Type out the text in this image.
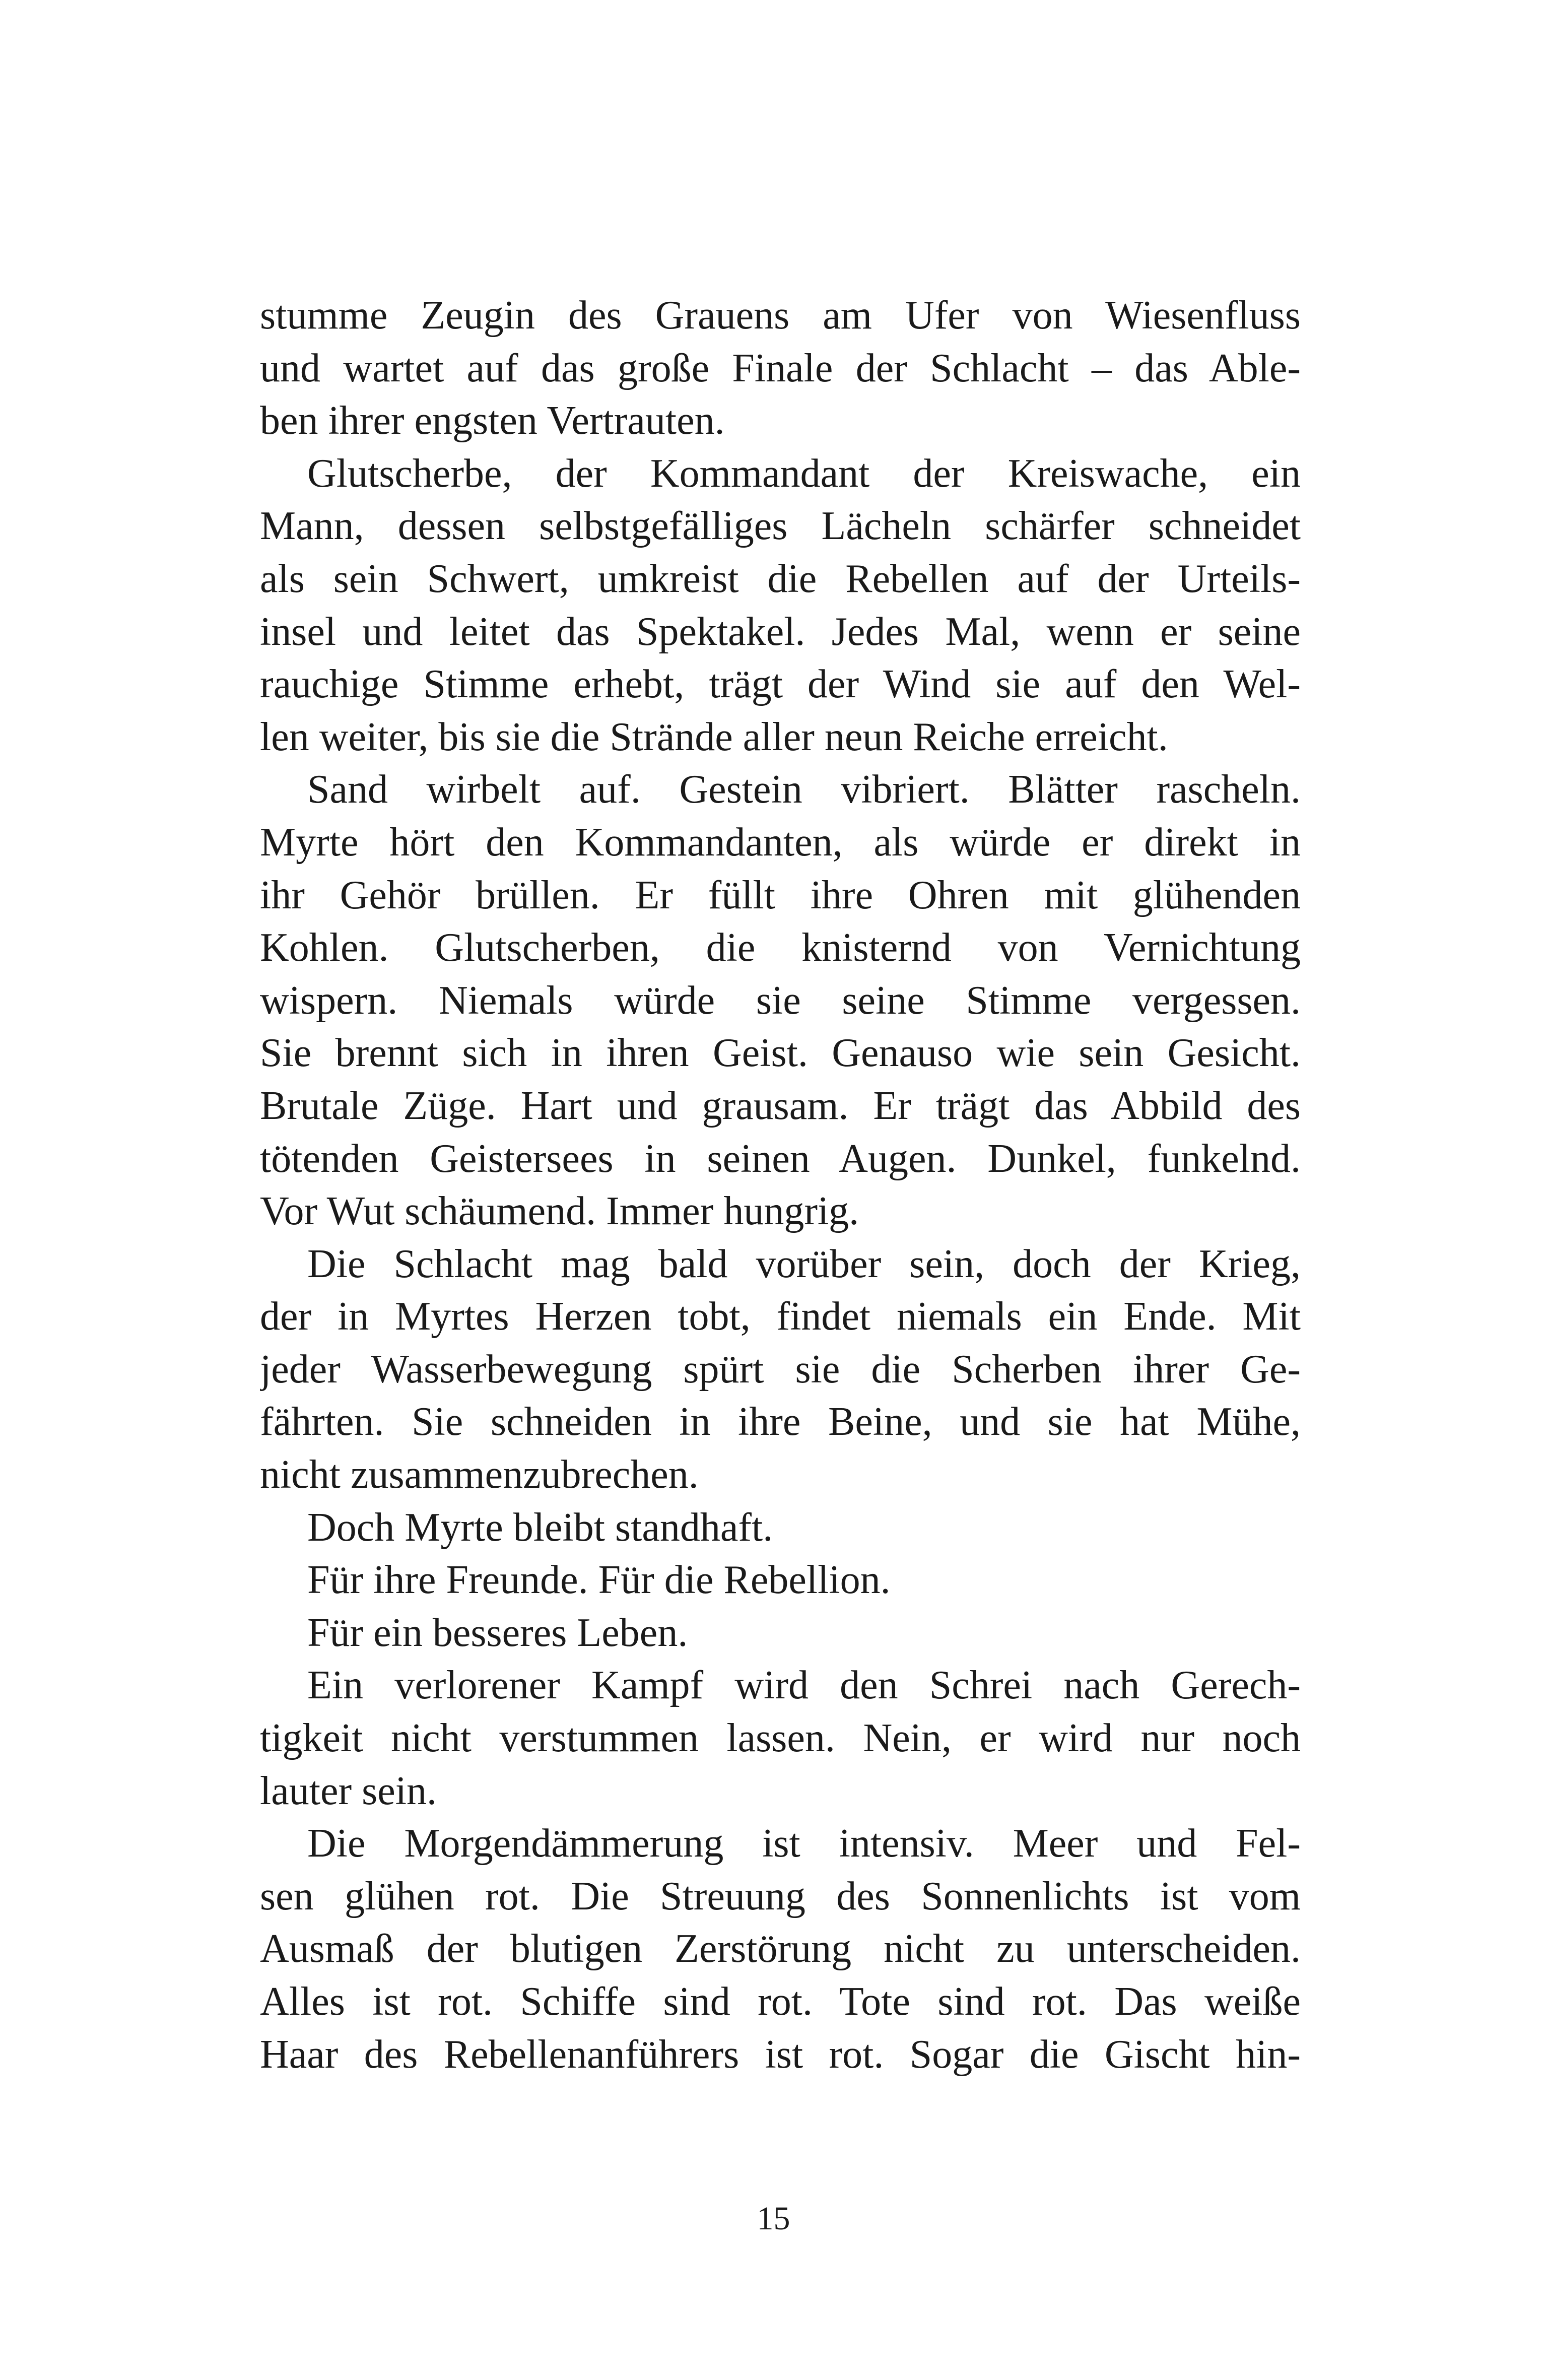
stumme Zeugin des Grauens am Ufer von Wiesenfluss
und wartet auf das große Finale der Schlacht – das Able-
ben ihrer engsten Vertrauten.
Glutscherbe, der Kommandant der Kreiswache, ein
Mann, dessen selbstgefälliges Lächeln schärfer schneidet
als sein Schwert, umkreist die Rebellen auf der Urteils-
insel und leitet das Spektakel. Jedes Mal, wenn er seine
rauchige Stimme erhebt, trägt der Wind sie auf den Wel-
len weiter, bis sie die Strände aller neun Reiche erreicht.
Sand wirbelt auf. Gestein vibriert. Blätter rascheln.
Myrte hört den Kommandanten, als würde er direkt in
ihr Gehör brüllen. Er füllt ihre Ohren mit glühenden
Kohlen. Glutscherben, die knisternd von Vernichtung
wispern. Niemals würde sie seine Stimme vergessen.
Sie brennt sich in ihren Geist. Genauso wie sein Gesicht.
Brutale Züge. Hart und grausam. Er trägt das Abbild des
tötenden Geistersees in seinen Augen. Dunkel, funkelnd.
Vor Wut schäumend. Immer hungrig.
Die Schlacht mag bald vorüber sein, doch der Krieg,
der in Myrtes Herzen tobt, findet niemals ein Ende. Mit
jeder Wasserbewegung spürt sie die Scherben ihrer Ge-
fährten. Sie schneiden in ihre Beine, und sie hat Mühe,
nicht zusammenzubrechen.
Doch Myrte bleibt standhaft.
Für ihre Freunde. Für die Rebellion.
Für ein besseres Leben.
Ein verlorener Kampf wird den Schrei nach Gerech-
tigkeit nicht verstummen lassen. Nein, er wird nur noch
lauter sein.
Die Morgendämmerung ist intensiv. Meer und Fel-
sen glühen rot. Die Streuung des Sonnenlichts ist vom
Ausmaß der blutigen Zerstörung nicht zu unterscheiden.
Alles ist rot. Schiffe sind rot. Tote sind rot. Das weiße
Haar des Rebellenanführers ist rot. Sogar die Gischt hin-
15
